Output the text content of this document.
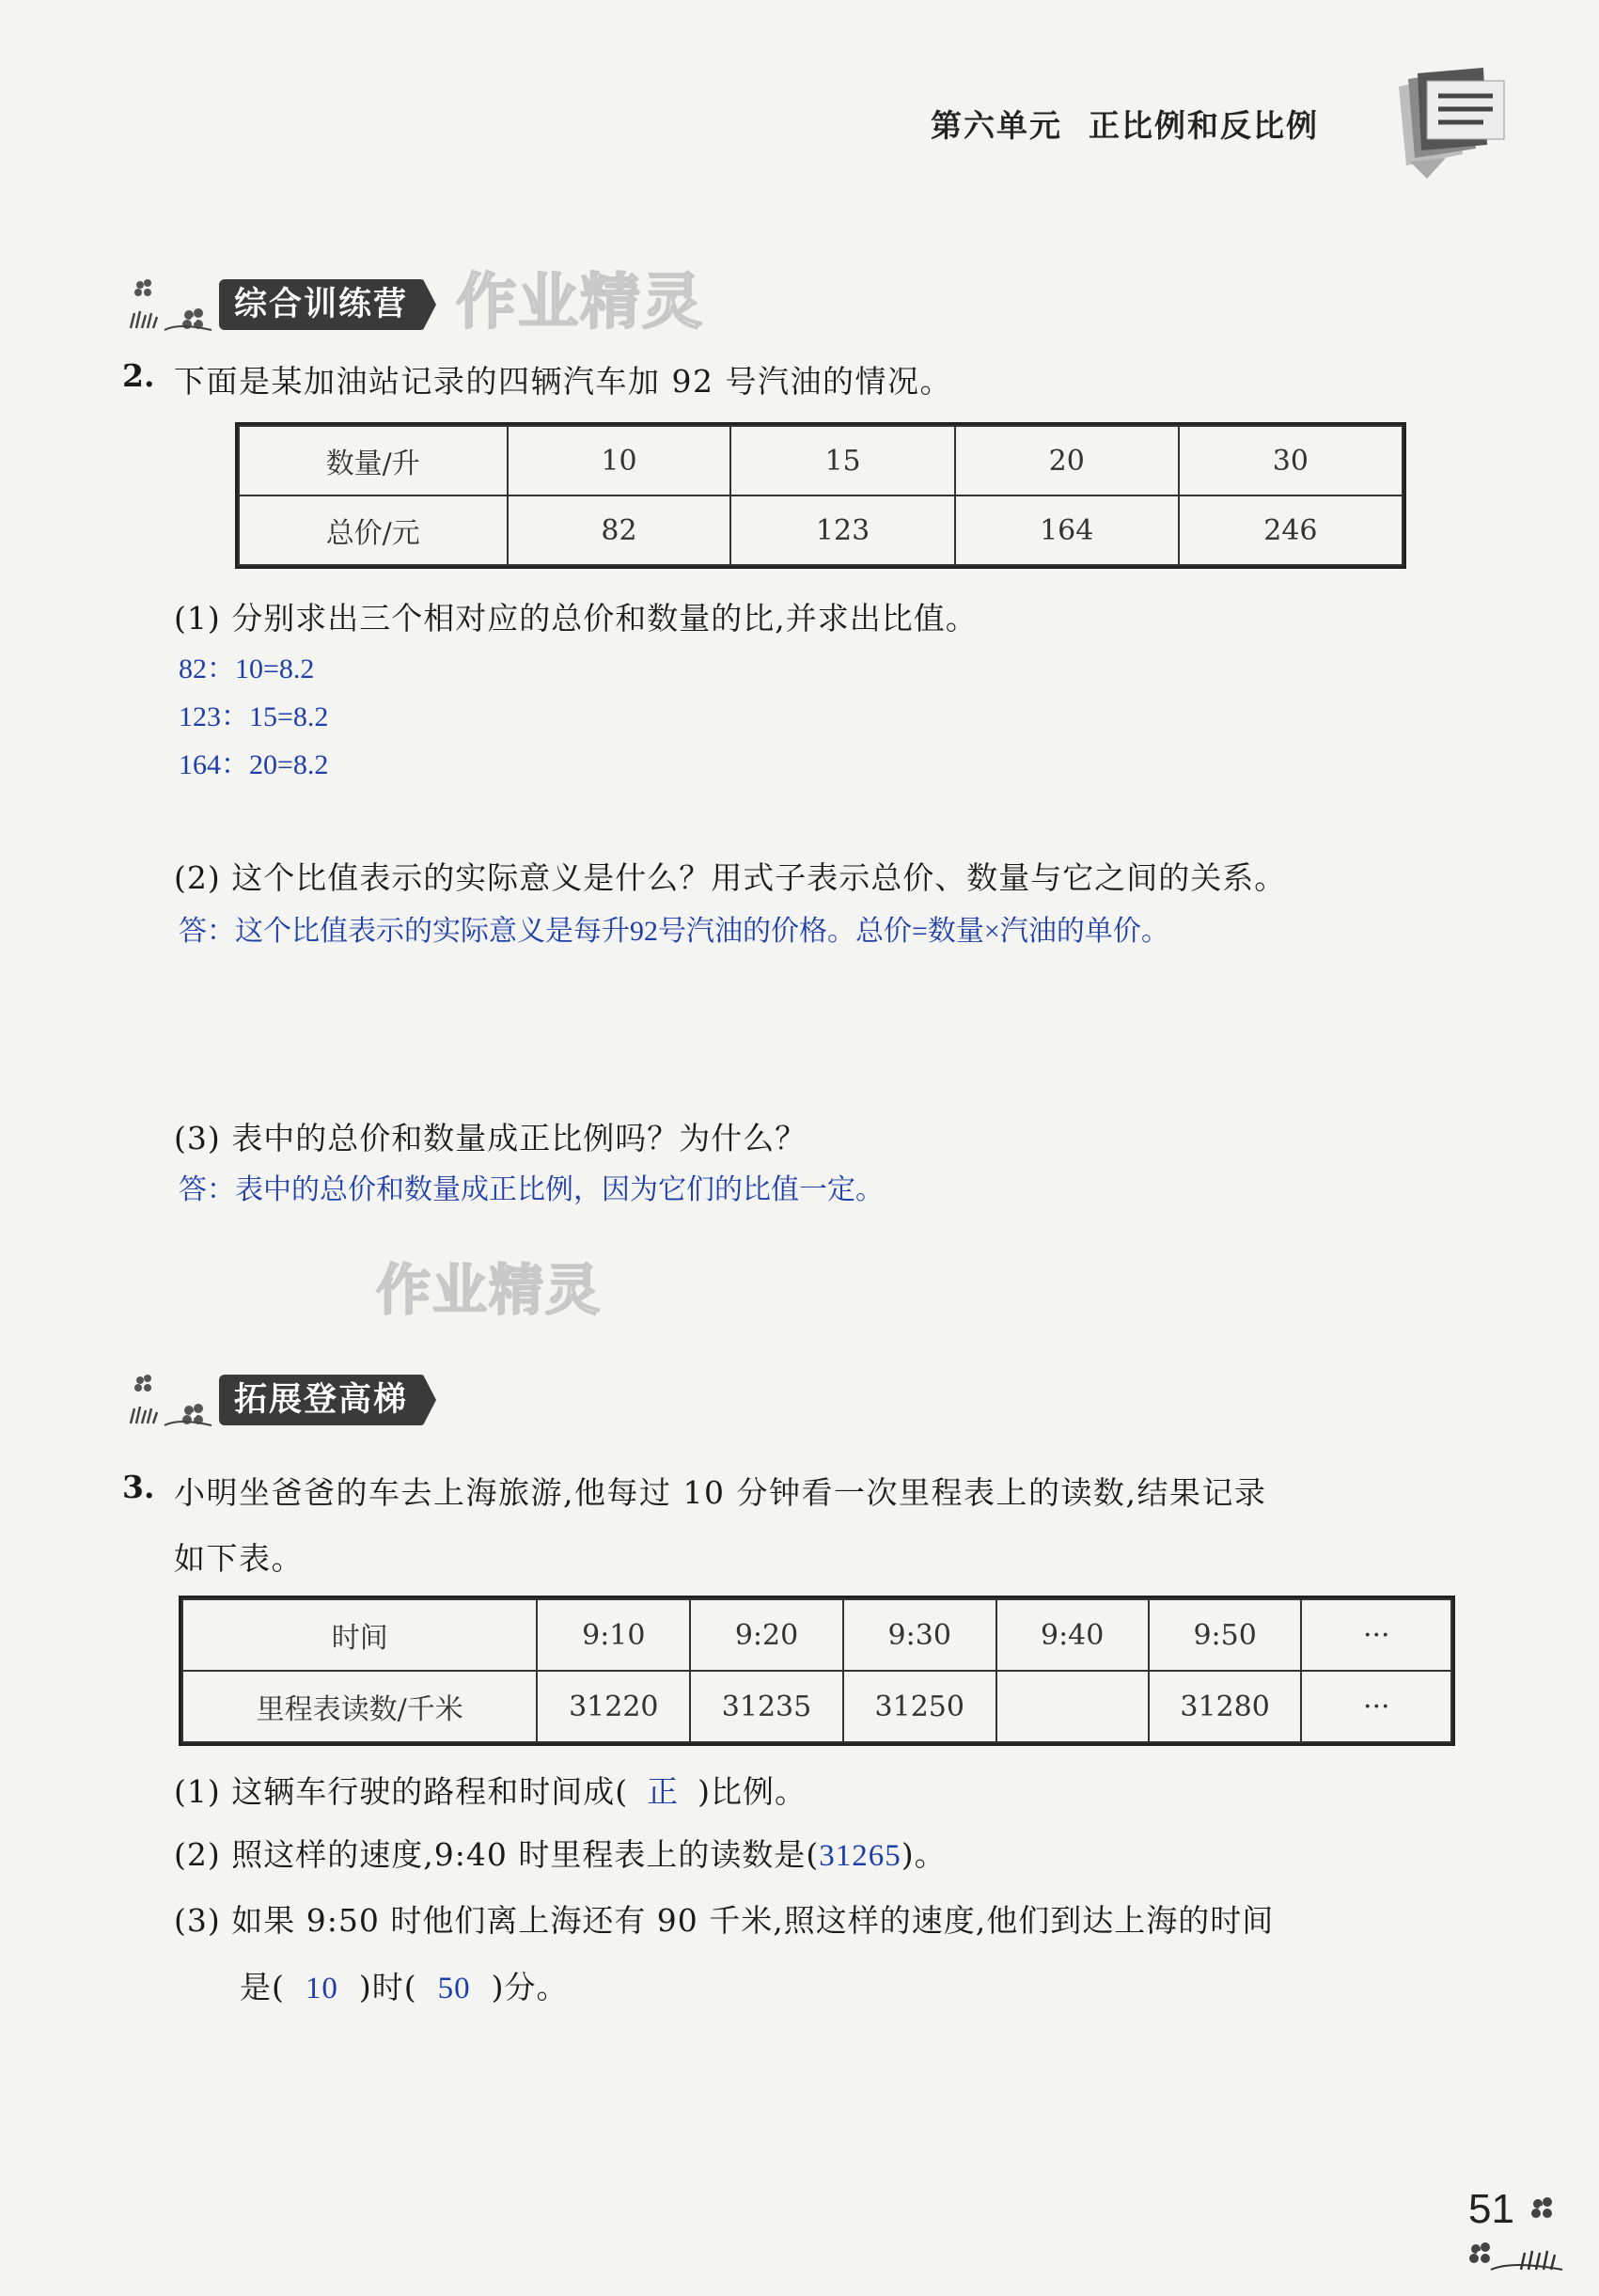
第六单元 正比例和反比例
综合训练营 作业精灵
2. 下面是某加油站记录的四辆汽车加 92 号汽油的情况。
数量/升	10	15	20	30
总价/元	82	123	164	246
(1) 分别求出三个相对应的总价和数量的比,并求出比值。
82：10=8.2
123：15=8.2
164：20=8.2
(2) 这个比值表示的实际意义是什么？用式子表示总价、数量与它之间的关系。
答：这个比值表示的实际意义是每升92号汽油的价格。总价=数量×汽油的单价。
(3) 表中的总价和数量成正比例吗？为什么？
答：表中的总价和数量成正比例，因为它们的比值一定。
作业精灵
拓展登高梯
3. 小明坐爸爸的车去上海旅游,他每过 10 分钟看一次里程表上的读数,结果记录
如下表。
时间	9:10	9:20	9:30	9:40	9:50	···
里程表读数/千米	31220	31235	31250		31280	···
(1) 这辆车行驶的路程和时间成( 正 )比例。
(2) 照这样的速度,9:40 时里程表上的读数是(31265)。
(3) 如果 9:50 时他们离上海还有 90 千米,照这样的速度,他们到达上海的时间
是( 10 )时( 50 )分。
51
